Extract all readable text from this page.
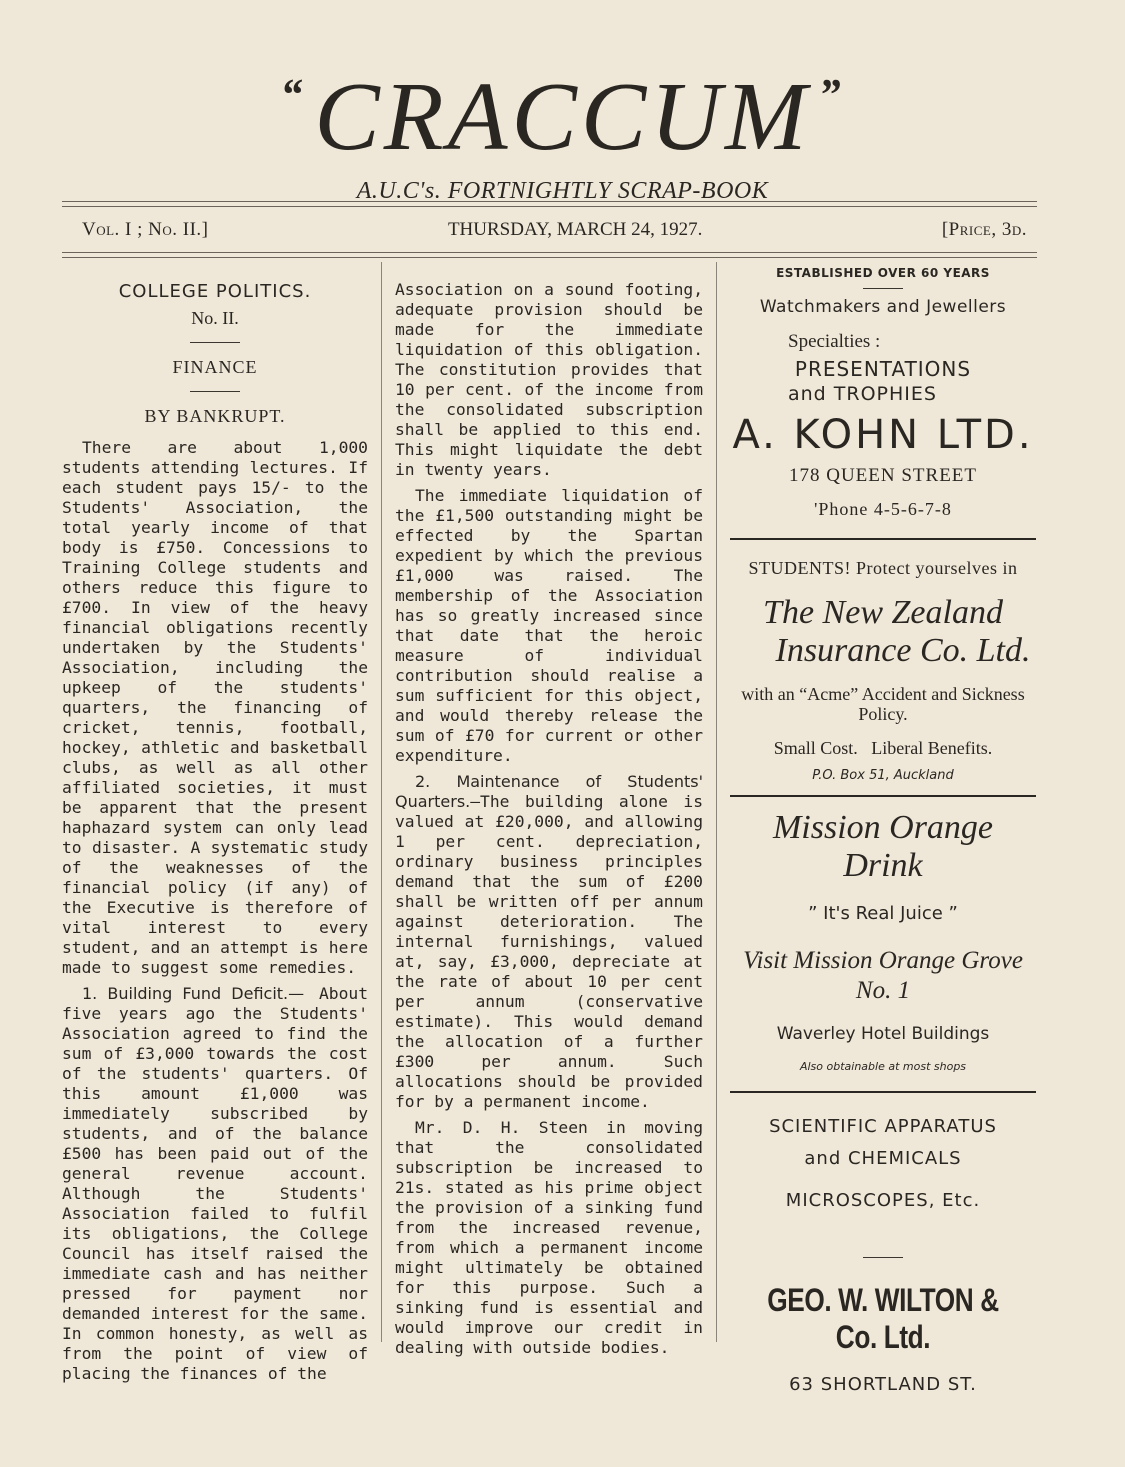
“CRACCUM ”
A.U.C's. FORTNIGHTLY SCRAP-BOOK
Vol. I ; No. II.]	THURSDAY, MARCH 24, 1927.	[Price, 3d.
COLLEGE POLITICS.
No. II.
FINANCE
BY BANKRUPT.

There are about 1,000 students attending lectures. If each student pays 15/- to the Students' Association, the total yearly income of that body is £750. Concessions to Training College students and others reduce this figure to £700. In view of the heavy financial obligations recently undertaken by the Students' Association, including the upkeep of the students' quarters, the financing of cricket, tennis, football, hockey, athletic and basketball clubs, as well as all other affiliated societies, it must be apparent that the present haphazard system can only lead to disaster. A systematic study of the weaknesses of the financial policy (if any) of the Executive is therefore of vital interest to every student, and an attempt is here made to suggest some remedies.

1. Building Fund Deficit.— About five years ago the Students' Association agreed to find the sum of £3,000 towards the cost of the students' quarters. Of this amount £1,000 was immediately subscribed by students, and of the balance £500 has been paid out of the general revenue account. Although the Students' Association failed to fulfil its obligations, the College Council has itself raised the immediate cash and has neither pressed for payment nor demanded interest for the same. In common honesty, as well as from the point of view of placing the finances of the

Association on a sound footing, adequate provision should be made for the immediate liquidation of this obligation. The constitution provides that 10 per cent. of the income from the consolidated subscription shall be applied to this end. This might liquidate the debt in twenty years.

The immediate liquidation of the £1,500 outstanding might be effected by the Spartan expedient by which the previous £1,000 was raised. The membership of the Association has so greatly increased since that date that the heroic measure of individual contribution should realise a sum sufficient for this object, and would thereby release the sum of £70 for current or other expenditure.

2. Maintenance of Students' Quarters.—The building alone is valued at £20,000, and allowing 1 per cent. depreciation, ordinary business principles demand that the sum of £200 shall be written off per annum against deterioration. The internal furnishings, valued at, say, £3,000, depreciate at the rate of about 10 per cent per annum (conservative estimate). This would demand the allocation of a further £300 per annum. Such allocations should be provided for by a permanent income.

Mr. D. H. Steen in moving that the consolidated subscription be increased to 21s. stated as his prime object the provision of a sinking fund from the increased revenue, from which a permanent income might ultimately be obtained for this purpose. Such a sinking fund is essential and would improve our credit in dealing with outside bodies.

ESTABLISHED OVER 60 YEARS
Watchmakers and Jewellers
Specialties :
PRESENTATIONS
and TROPHIES
A. KOHN LTD.
178 QUEEN STREET
'Phone 4-5-6-7-8
STUDENTS! Protect yourselves in
The New Zealand
Insurance Co. Ltd.
with an “Acme” Accident and Sickness Policy.
Small Cost.   Liberal Benefits.
P.O. Box 51, Auckland
Mission Orange Drink
” It's Real Juice ”
Visit Mission Orange Grove
No. 1
Waverley Hotel Buildings
Also obtainable at most shops
SCIENTIFIC APPARATUS
and CHEMICALS
MICROSCOPES, Etc.
GEO. W. WILTON & Co. Ltd.
63 SHORTLAND ST.
